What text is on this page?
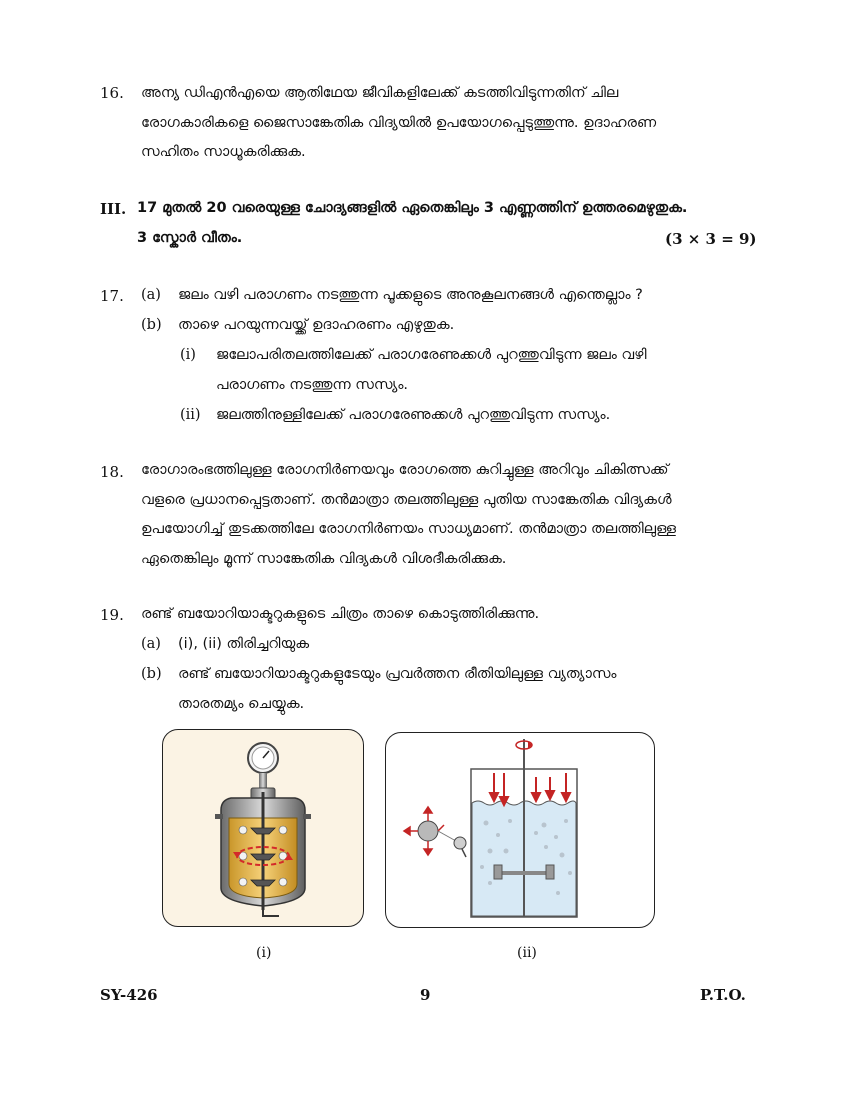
16. അന്യ ഡിഎൻഎയെ ആതിഥേയ ജീവികളിലേക്ക് കടത്തിവിടുന്നതിന് ചില
രോഗകാരികളെ ജൈസാങ്കേതിക വിദ്യയിൽ ഉപയോഗപ്പെടുത്തുന്നു. ഉദാഹരണ
സഹിതം സാധൂകരിക്കുക.
III. 17 മുതൽ 20 വരെയുള്ള ചോദ്യങ്ങളിൽ ഏതെങ്കിലും 3 എണ്ണത്തിന് ഉത്തരമെഴുതുക.
3 സ്കോർ വീതം.	(3 × 3 = 9)
17. (a) ജലം വഴി പരാഗണം നടത്തുന്ന പൂക്കളുടെ അനുകൂലനങ്ങൾ എന്തെല്ലാം ?
(b) താഴെ പറയുന്നവയ്ക്ക് ഉദാഹരണം എഴുതുക.
(i) ജലോപരിതലത്തിലേക്ക് പരാഗരേണുക്കൾ പുറത്തുവിടുന്ന ജലം വഴി
പരാഗണം നടത്തുന്ന സസ്യം.
(ii) ജലത്തിനുള്ളിലേക്ക് പരാഗരേണുക്കൾ പുറത്തുവിടുന്ന സസ്യം.
18. രോഗാരംഭത്തിലുള്ള രോഗനിർണയവും രോഗത്തെ കുറിച്ചുള്ള അറിവും ചികിത്സക്ക്
വളരെ പ്രധാനപ്പെട്ടതാണ്. തൻമാത്രാ തലത്തിലുള്ള പുതിയ സാങ്കേതിക വിദ്യകൾ
ഉപയോഗിച്ച് തുടക്കത്തിലേ രോഗനിർണയം സാധ്യമാണ്. തൻമാത്രാ തലത്തിലുള്ള
ഏതെങ്കിലും മൂന്ന് സാങ്കേതിക വിദ്യകൾ വിശദീകരിക്കുക.
19. രണ്ട് ബയോറിയാക്ടറുകളുടെ ചിത്രം താഴെ കൊടുത്തിരിക്കുന്നു.
(a) (i), (ii) തിരിച്ചറിയുക
(b) രണ്ട് ബയോറിയാക്ടറുകളുടേയും പ്രവർത്തന രീതിയിലുള്ള വ്യത്യാസം
താരതമ്യം ചെയ്യുക.
(i)	(ii)
SY-426	9	P.T.O.
